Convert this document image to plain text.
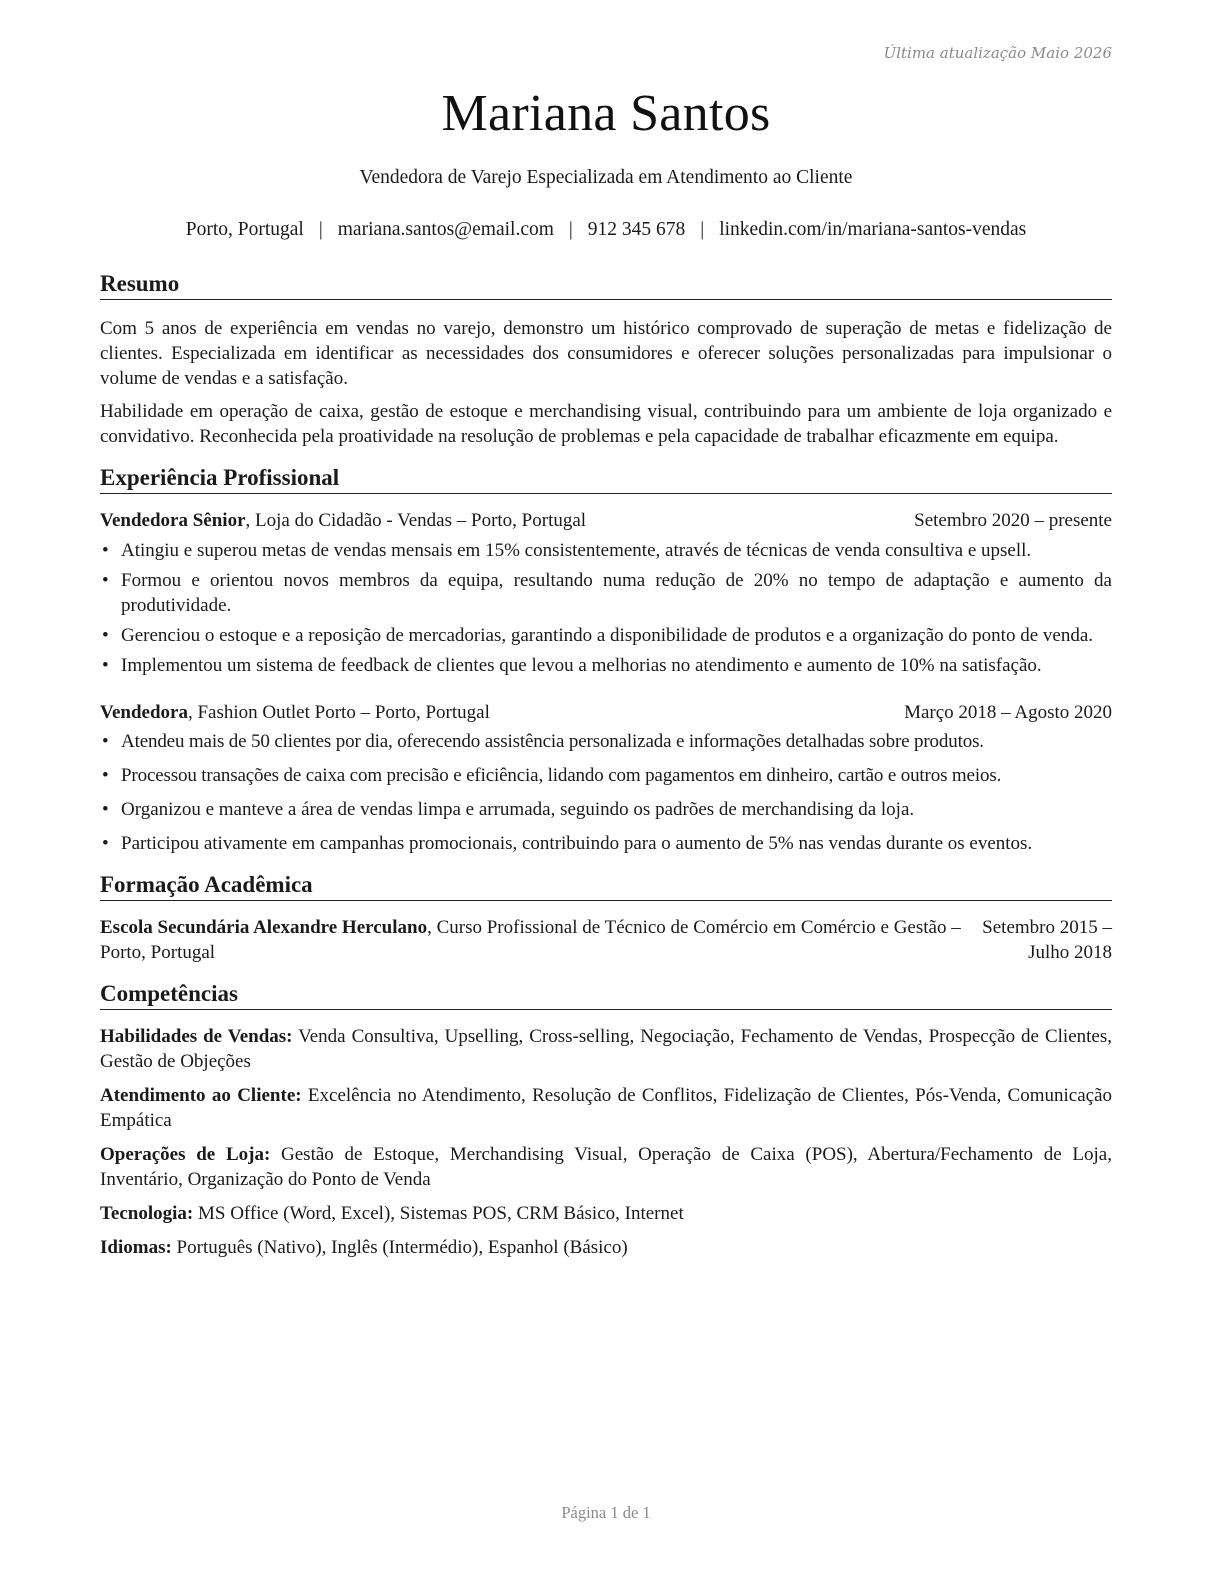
Última atualização Maio 2026
Mariana Santos
Vendedora de Varejo Especializada em Atendimento ao Cliente
Porto, Portugal | mariana.santos@email.com | 912 345 678 | linkedin.com/in/mariana-santos-vendas
Resumo

Com 5 anos de experiência em vendas no varejo, demonstro um histórico comprovado de superação de metas e fidelização de clientes. Especializada em identificar as necessidades dos consumidores e oferecer soluções personalizadas para impulsionar o volume de vendas e a satisfação.

Habilidade em operação de caixa, gestão de estoque e merchandising visual, contribuindo para um ambiente de loja organizado e convidativo. Reconhecida pela proatividade na resolução de problemas e pela capacidade de trabalhar eficazmente em equipa.

Experiência Profissional
Vendedora Sênior, Loja do Cidadão - Vendas – Porto, Portugal	Setembro 2020 – presente
• Atingiu e superou metas de vendas mensais em 15% consistentemente, através de técnicas de venda consultiva e upsell.
• Formou e orientou novos membros da equipa, resultando numa redução de 20% no tempo de adaptação e aumento da produtividade.
• Gerenciou o estoque e a reposição de mercadorias, garantindo a disponibilidade de produtos e a organização do ponto de venda.
• Implementou um sistema de feedback de clientes que levou a melhorias no atendimento e aumento de 10% na satisfação.
Vendedora, Fashion Outlet Porto – Porto, Portugal	Março 2018 – Agosto 2020
• Atendeu mais de 50 clientes por dia, oferecendo assistência personalizada e informações detalhadas sobre produtos.
• Processou transações de caixa com precisão e eficiência, lidando com pagamentos em dinheiro, cartão e outros meios.
• Organizou e manteve a área de vendas limpa e arrumada, seguindo os padrões de merchandising da loja.
• Participou ativamente em campanhas promocionais, contribuindo para o aumento de 5% nas vendas durante os eventos.
Formação Acadêmica
Escola Secundária Alexandre Herculano, Curso Profissional de Técnico de Comércio em Comércio e Gestão – Porto, Portugal
Setembro 2015 – Julho 2018
Competências

Habilidades de Vendas: Venda Consultiva, Upselling, Cross-selling, Negociação, Fechamento de Vendas, Prospecção de Clientes, Gestão de Objeções

Atendimento ao Cliente: Excelência no Atendimento, Resolução de Conflitos, Fidelização de Clientes, Pós-Venda, Comunicação Empática

Operações de Loja: Gestão de Estoque, Merchandising Visual, Operação de Caixa (POS), Abertura/Fechamento de Loja, Inventário, Organização do Ponto de Venda

Tecnologia: MS Office (Word, Excel), Sistemas POS, CRM Básico, Internet

Idiomas: Português (Nativo), Inglês (Intermédio), Espanhol (Básico)

Página 1 de 1
